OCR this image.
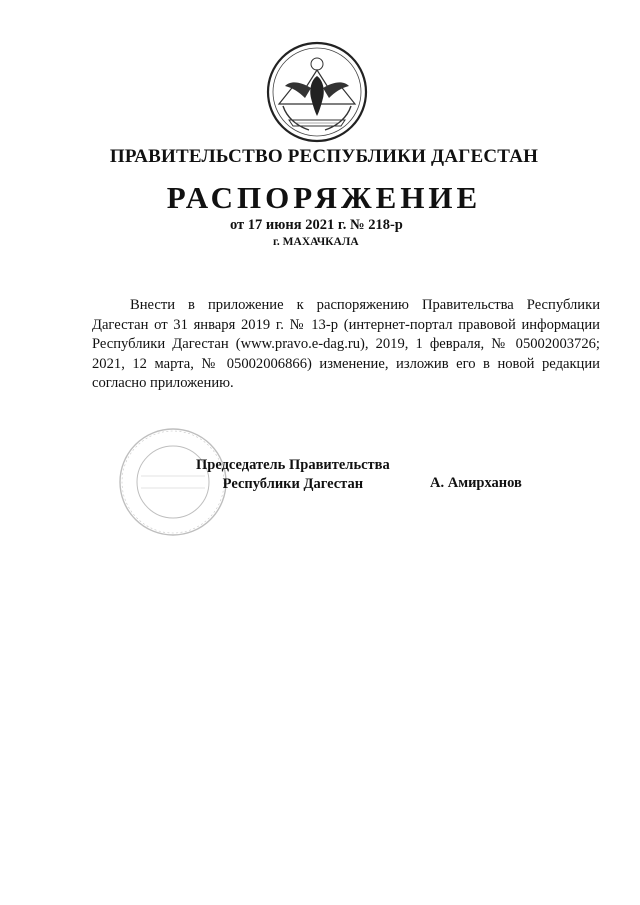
ПРАВИТЕЛЬСТВО РЕСПУБЛИКИ ДАГЕСТАН
РАСПОРЯЖЕНИЕ
от 17 июня 2021 г. № 218-р
г. МАХАЧКАЛА

Внести в приложение к распоряжению Правительства Республики Дагестан от 31 января 2019 г. № 13-р (интернет-портал правовой информации Республики Дагестан (www.pravo.e-dag.ru), 2019, 1 февраля, № 05002003726; 2021, 12 марта, № 05002006866) изменение, изложив его в новой редакции согласно приложению.

Председатель Правительства
Республики Дагестан	А. Амирханов
